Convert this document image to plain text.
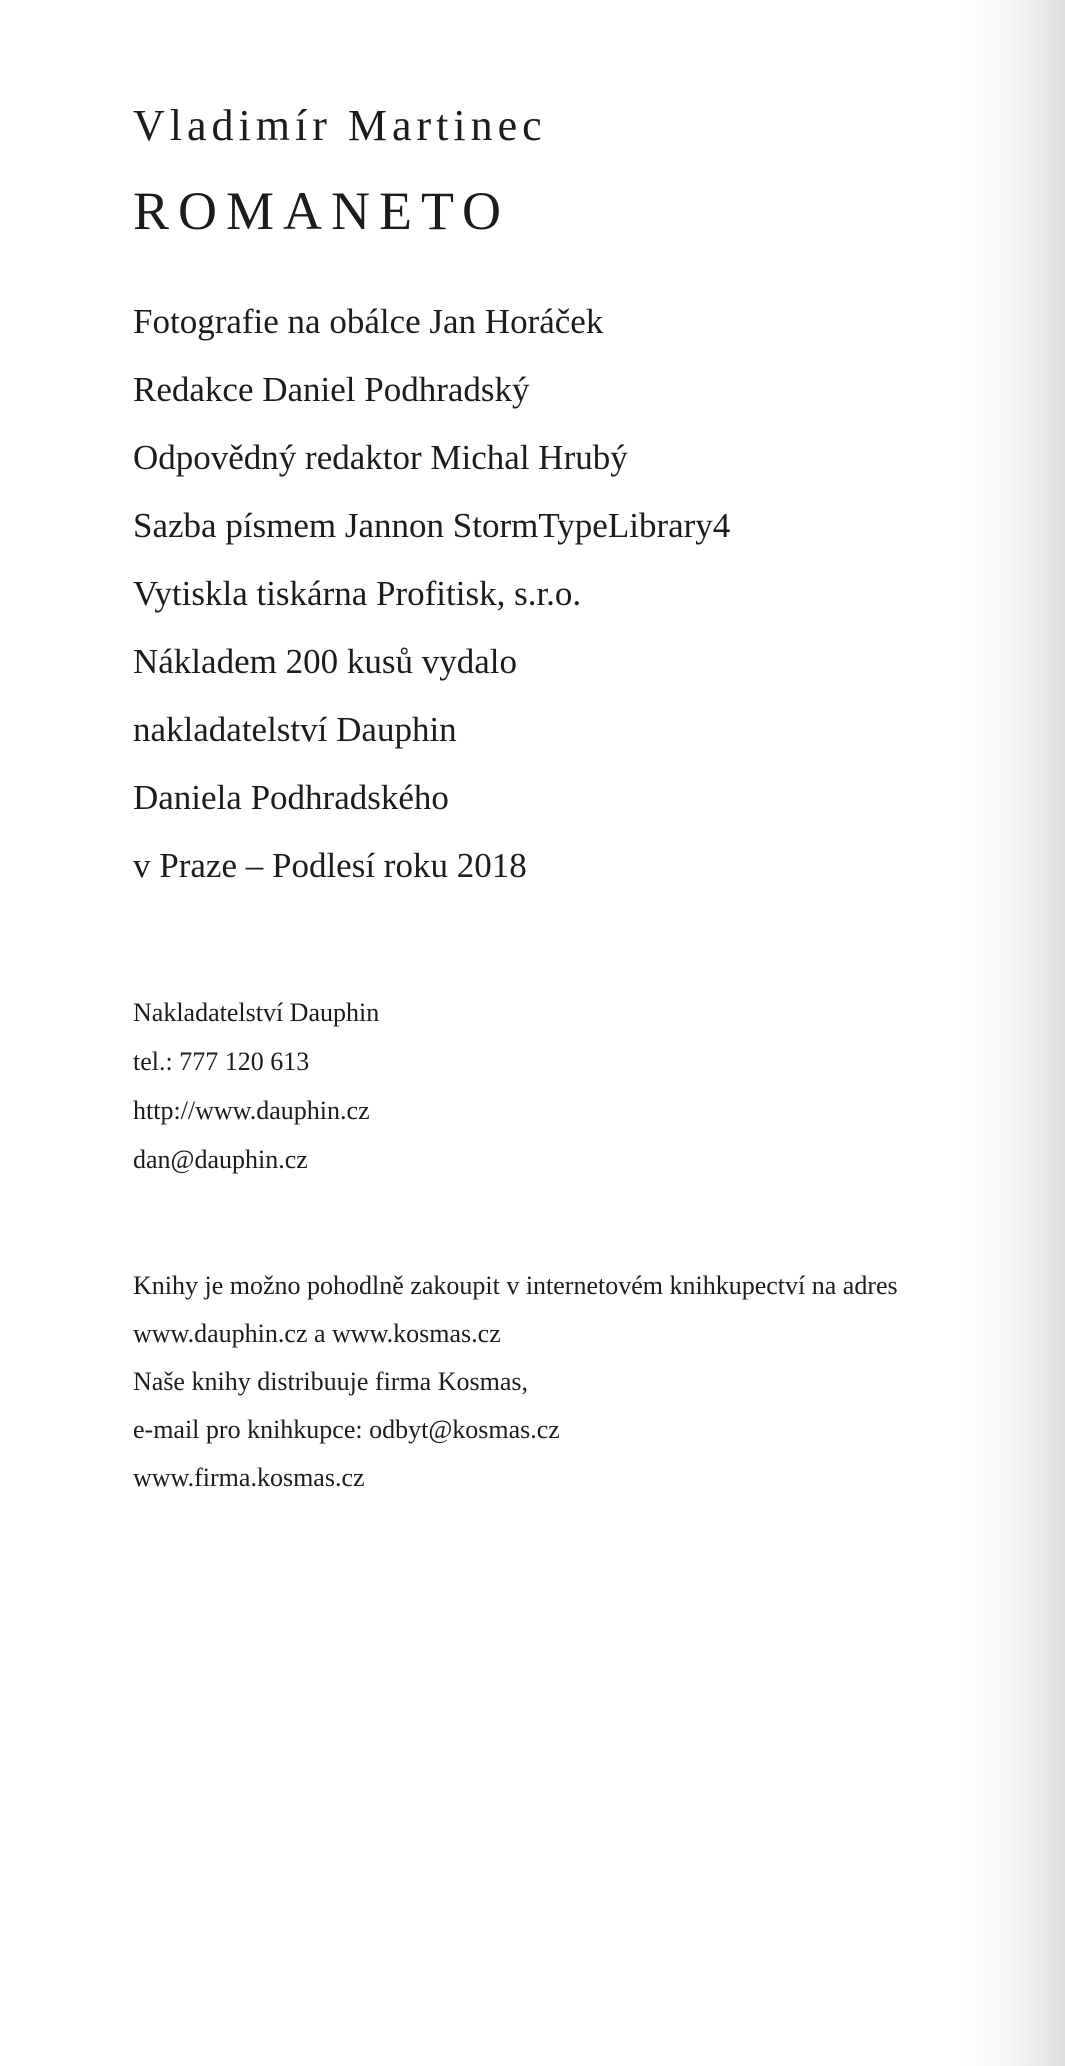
Vladimír Martinec
ROMANETO
Fotografie na obálce Jan Horáček
Redakce Daniel Podhradský
Odpovědný redaktor Michal Hrubý
Sazba písmem Jannon StormTypeLibrary4
Vytiskla tiskárna Profitisk, s.r.o.
Nákladem 200 kusů vydalo
nakladatelství Dauphin
Daniela Podhradského
v Praze – Podlesí roku 2018
Nakladatelství Dauphin
tel.: 777 120 613
http://www.dauphin.cz
dan@dauphin.cz
Knihy je možno pohodlně zakoupit v internetovém knihkupectví na adres
www.dauphin.cz a www.kosmas.cz
Naše knihy distribuuje firma Kosmas,
e-mail pro knihkupce: odbyt@kosmas.cz
www.firma.kosmas.cz
